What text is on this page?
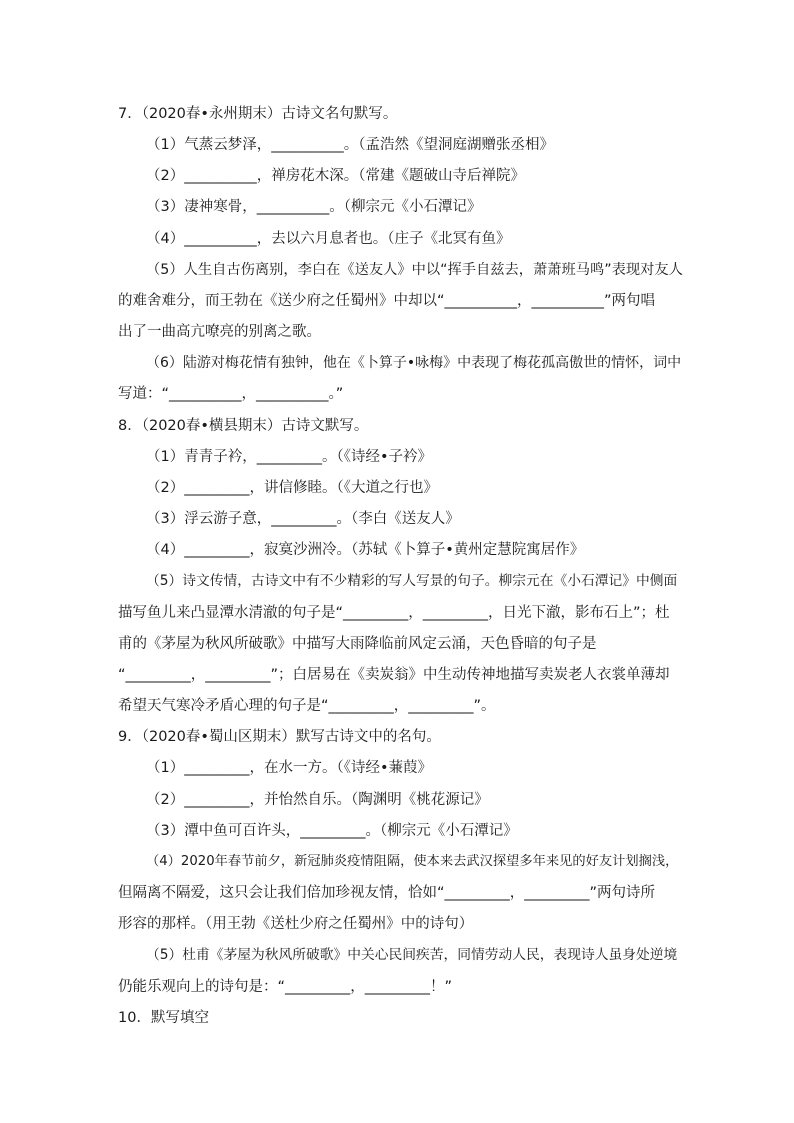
7．（2020春•永州期末）古诗文名句默写。
（1）气蒸云梦泽，__________。（孟浩然《望洞庭湖赠张丞相》
（2）__________，禅房花木深。（常建《题破山寺后禅院》
（3）凄神寒骨，__________。（柳宗元《小石潭记》
（4）__________，去以六月息者也。（庄子《北冥有鱼》
（5）人生自古伤离别，李白在《送友人》中以“挥手自兹去，萧萧班马鸣”表现对友人
的难舍难分，而王勃在《送少府之任蜀州》中却以“__________，__________”两句唱
出了一曲高亢嘹亮的别离之歌。
（6）陆游对梅花情有独钟，他在《卜算子•咏梅》中表现了梅花孤高傲世的情怀，词中
写道：“__________，__________。”
8．（2020春•横县期末）古诗文默写。
（1）青青子衿，_________。（《诗经•子衿》
（2）_________，讲信修睦。（《大道之行也》
（3）浮云游子意，_________。（李白《送友人》
（4）_________，寂寞沙洲冷。（苏轼《卜算子•黄州定慧院寓居作》
（5）诗文传情，古诗文中有不少精彩的写人写景的句子。柳宗元在《小石潭记》中侧面
描写鱼儿来凸显潭水清澈的句子是“_________，_________，日光下澈，影布石上”；杜
甫的《茅屋为秋风所破歌》中描写大雨降临前风定云涌，天色昏暗的句子是
“_________，_________”；白居易在《卖炭翁》中生动传神地描写卖炭老人衣裳单薄却
希望天气寒冷矛盾心理的句子是“_________，_________”。
9．（2020春•蜀山区期末）默写古诗文中的名句。
（1）_________，在水一方。（《诗经•蒹葭》
（2）_________，并怡然自乐。（陶渊明《桃花源记》
（3）潭中鱼可百许头，_________。（柳宗元《小石潭记》
（4）2020年春节前夕，新冠肺炎疫情阻隔，使本来去武汉探望多年来见的好友计划搁浅，
但隔离不隔爱，这只会让我们倍加珍视友情，恰如“_________，_________”两句诗所
形容的那样。（用王勃《送杜少府之任蜀州》中的诗句）
（5）杜甫《茅屋为秋风所破歌》中关心民间疾苦，同情劳动人民，表现诗人虽身处逆境
仍能乐观向上的诗句是：“_________，_________！”
10．默写填空
